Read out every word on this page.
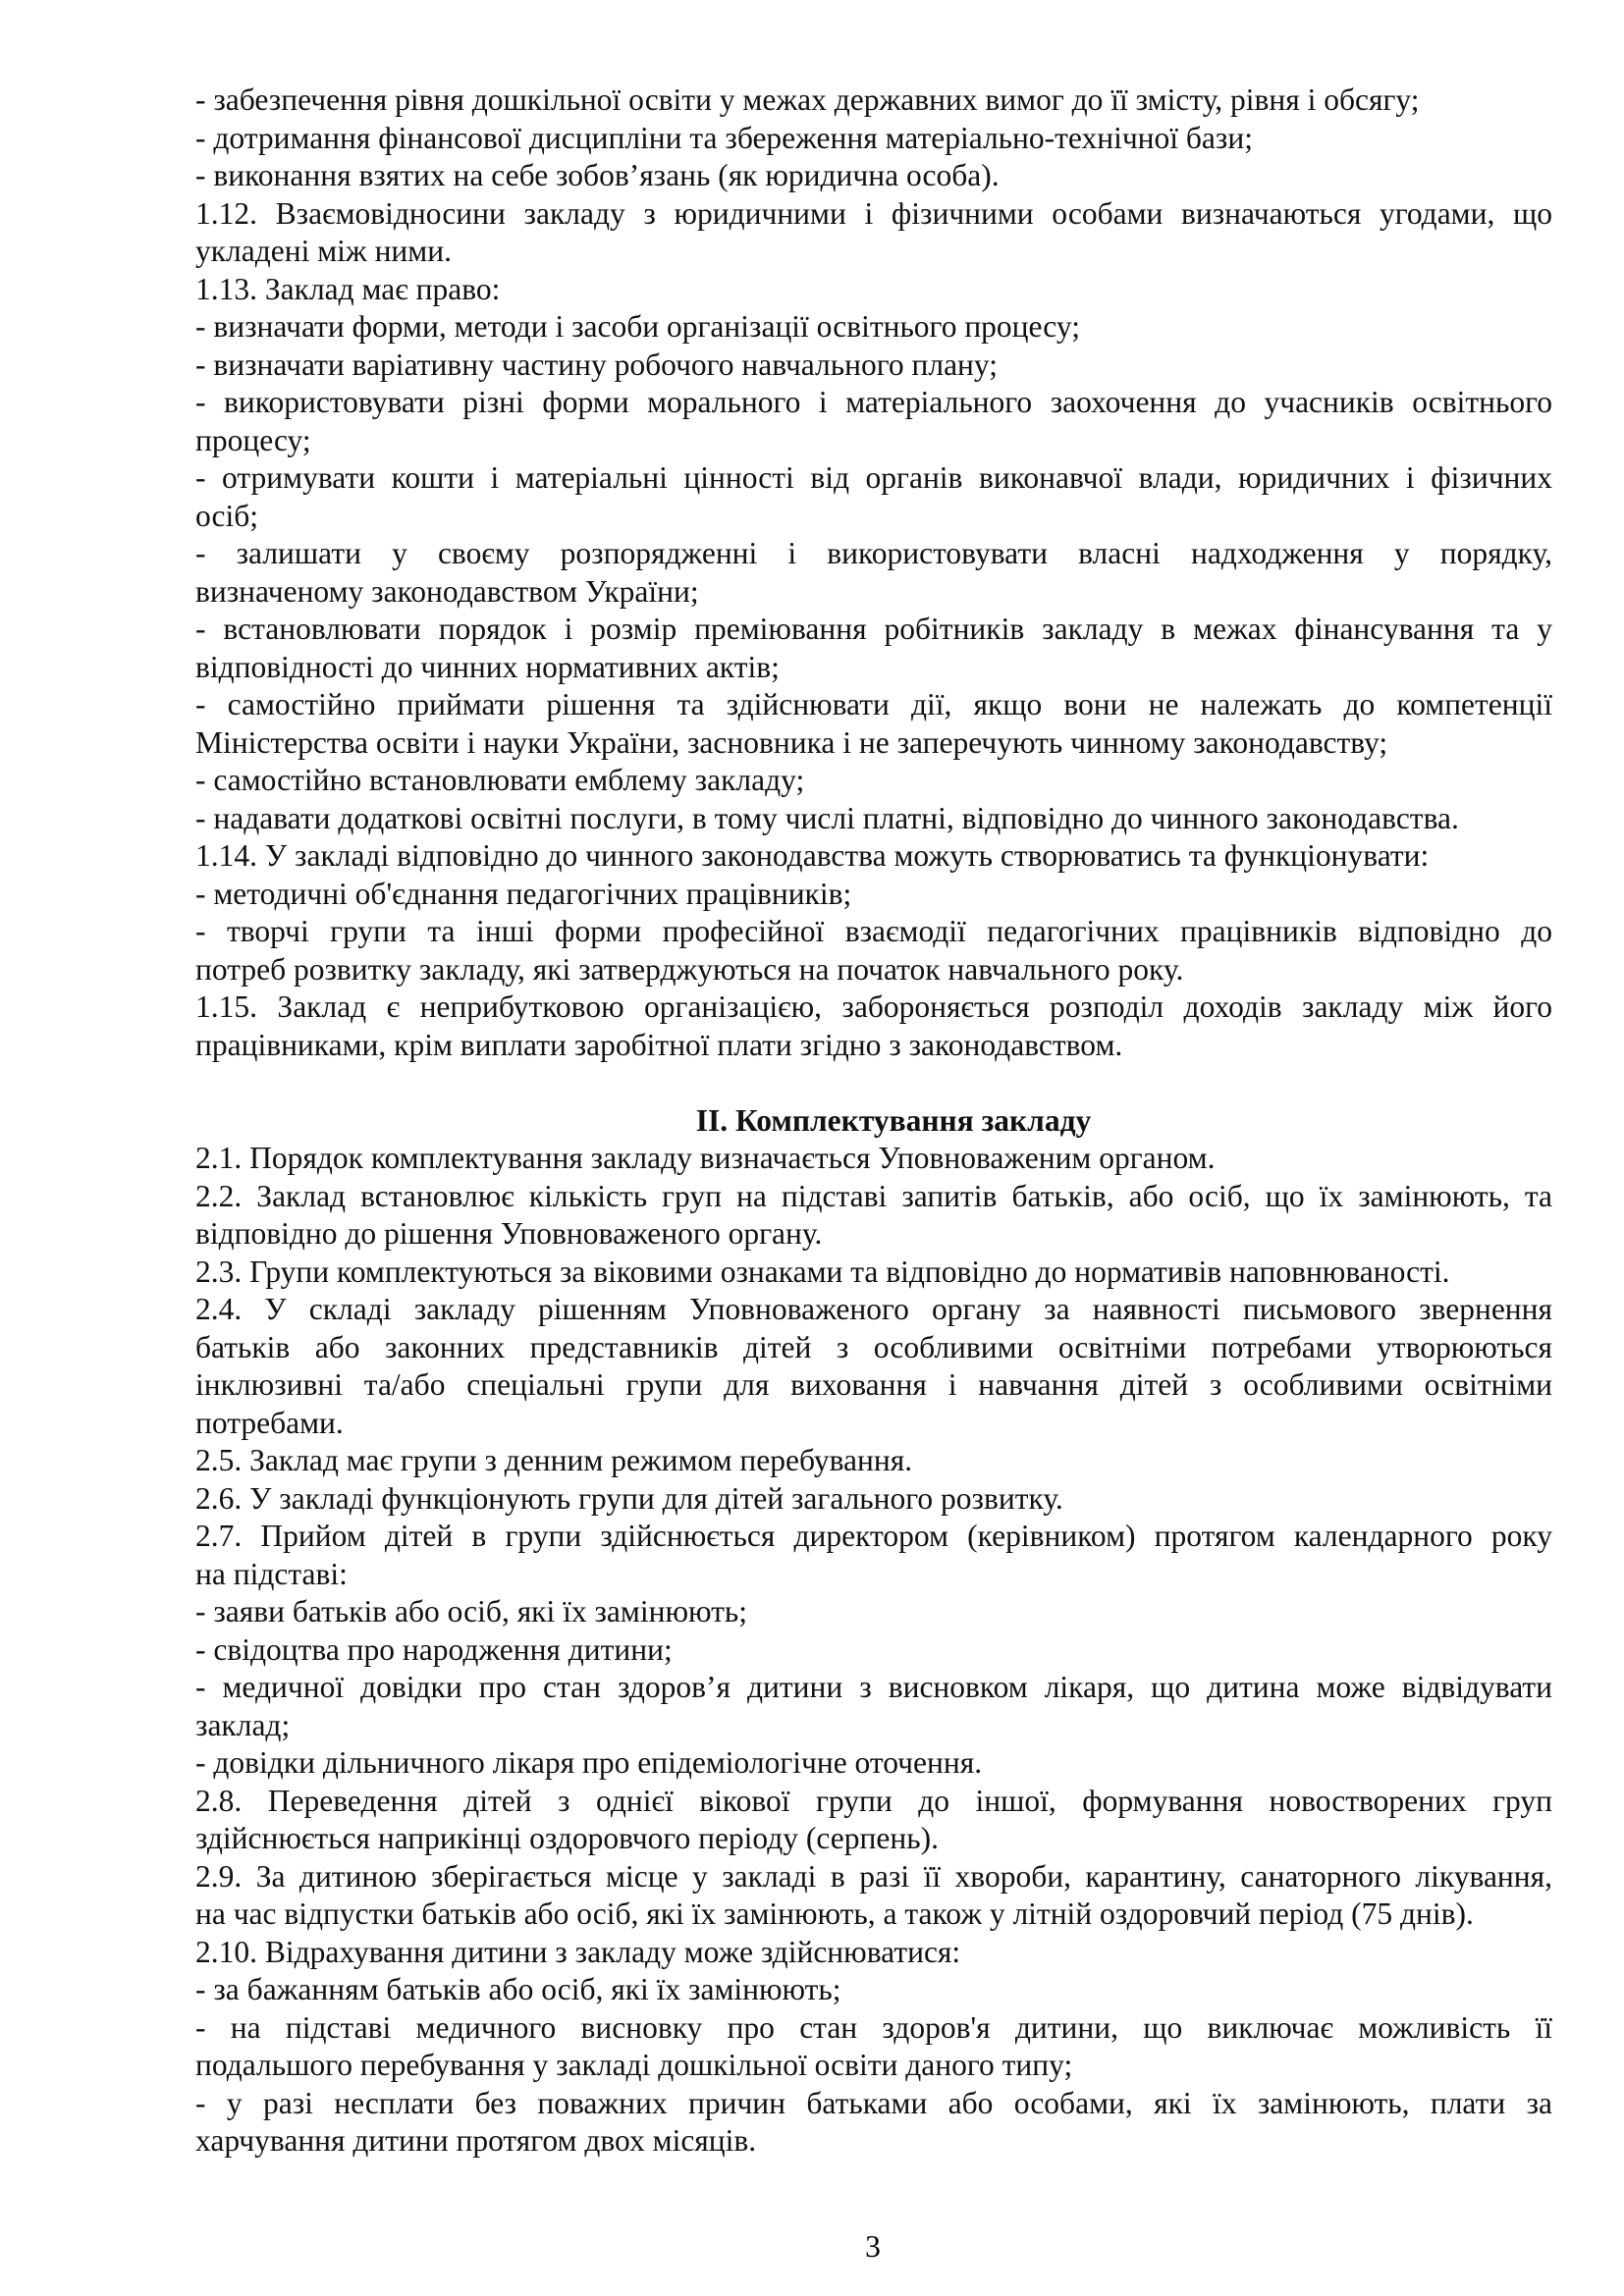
- забезпечення рівня дошкільної освіти у межах державних вимог до її змісту, рівня і обсягу;
- дотримання фінансової дисципліни та збереження матеріально-технічної бази;
- виконання взятих на себе зобов’язань (як юридична особа).
1.12. Взаємовідносини закладу з юридичними і фізичними особами визначаються угодами, що
укладені між ними.
1.13. Заклад має право:
- визначати форми, методи і засоби організації освітнього процесу;
- визначати варіативну частину робочого навчального плану;
- використовувати різні форми морального і матеріального заохочення до учасників освітнього
процесу;
- отримувати кошти і матеріальні цінності від органів виконавчої влади, юридичних і фізичних
осіб;
- залишати у своєму розпорядженні і використовувати власні надходження у порядку,
визначеному законодавством України;
- встановлювати порядок і розмір преміювання робітників закладу в межах фінансування та у
відповідності до чинних нормативних актів;
- самостійно приймати рішення та здійснювати дії, якщо вони не належать до компетенції
Міністерства освіти і науки України, засновника і не заперечують чинному законодавству;
- самостійно встановлювати емблему закладу;
- надавати додаткові освітні послуги, в тому числі платні, відповідно до чинного законодавства.
1.14. У закладі відповідно до чинного законодавства можуть створюватись та функціонувати:
- методичні об'єднання педагогічних працівників;
- творчі групи та інші форми професійної взаємодії педагогічних працівників відповідно до
потреб розвитку закладу, які затверджуються на початок навчального року.
1.15. Заклад є неприбутковою організацією, забороняється розподіл доходів закладу між його
працівниками, крім виплати заробітної плати згідно з законодавством.
II. Комплектування закладу
2.1. Порядок комплектування закладу визначається Уповноваженим органом.
2.2. Заклад встановлює кількість груп на підставі запитів батьків, або осіб, що їх замінюють, та
відповідно до рішення Уповноваженого органу.
2.3. Групи комплектуються за віковими ознаками та відповідно до нормативів наповнюваності.
2.4. У складі закладу рішенням Уповноваженого органу за наявності письмового звернення
батьків або законних представників дітей з особливими освітніми потребами утворюються
інклюзивні та/або спеціальні групи для виховання і навчання дітей з особливими освітніми
потребами.
2.5. Заклад має групи з денним режимом перебування.
2.6. У закладі функціонують групи для дітей загального розвитку.
2.7. Прийом дітей в групи здійснюється директором (керівником) протягом календарного року
на підставі:
- заяви батьків або осіб, які їх замінюють;
- свідоцтва про народження дитини;
- медичної довідки про стан здоров’я дитини з висновком лікаря, що дитина може відвідувати
заклад;
- довідки дільничного лікаря про епідеміологічне оточення.
2.8. Переведення дітей з однієї вікової групи до іншої, формування новостворених груп
здійснюється наприкінці оздоровчого періоду (серпень).
2.9. За дитиною зберігається місце у закладі в разі її хвороби, карантину, санаторного лікування,
на час відпустки батьків або осіб, які їх замінюють, а також у літній оздоровчий період (75 днів).
2.10. Відрахування дитини з закладу може здійснюватися:
- за бажанням батьків або осіб, які їх замінюють;
- на підставі медичного висновку про стан здоров'я дитини, що виключає можливість її
подальшого перебування у закладі дошкільної освіти даного типу;
- у разі несплати без поважних причин батьками або особами, які їх замінюють, плати за
харчування дитини протягом двох місяців.
3
